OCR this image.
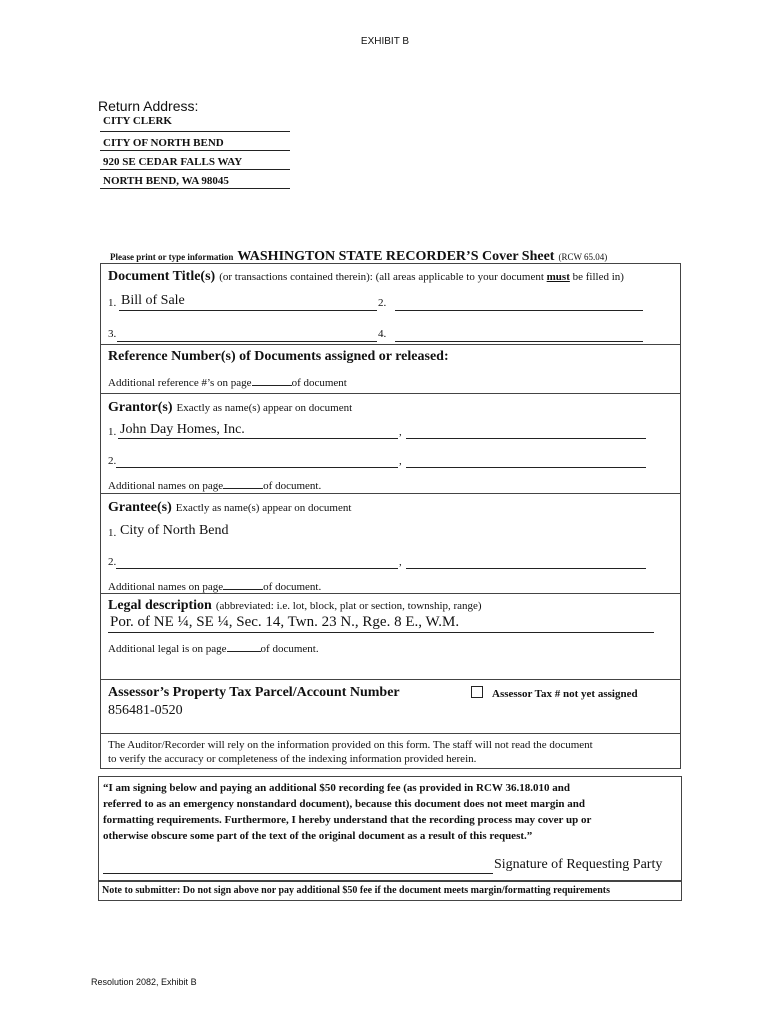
EXHIBIT B
Return Address:
CITY CLERK
CITY OF NORTH BEND
920 SE CEDAR FALLS WAY
NORTH BEND, WA 98045
Please print or type information WASHINGTON STATE RECORDER’S Cover Sheet (RCW 65.04)
Document Title(s) (or transactions contained therein): (all areas applicable to your document must be filled in)
1. Bill of Sale	2.
3.	4.
Reference Number(s) of Documents assigned or released:
Additional reference #’s on page	of document
Grantor(s) Exactly as name(s) appear on document
1. John Day Homes, Inc.	,
2.	,
Additional names on page	of document.
Grantee(s) Exactly as name(s) appear on document
1. City of North Bend
2.	,
Additional names on page	of document.
Legal description (abbreviated: i.e. lot, block, plat or section, township, range)
Por. of NE ¼, SE ¼, Sec. 14, Twn. 23 N., Rge. 8 E., W.M.
Additional legal is on page	of document.
Assessor’s Property Tax Parcel/Account Number
856481-0520
Assessor Tax # not yet assigned
The Auditor/Recorder will rely on the information provided on this form. The staff will not read the document
to verify the accuracy or completeness of the indexing information provided herein.
“I am signing below and paying an additional $50 recording fee (as provided in RCW 36.18.010 and
referred to as an emergency nonstandard document), because this document does not meet margin and
formatting requirements. Furthermore, I hereby understand that the recording process may cover up or
otherwise obscure some part of the text of the original document as a result of this request.”
Signature of Requesting Party
Note to submitter: Do not sign above nor pay additional $50 fee if the document meets margin/formatting requirements
Resolution 2082, Exhibit B
